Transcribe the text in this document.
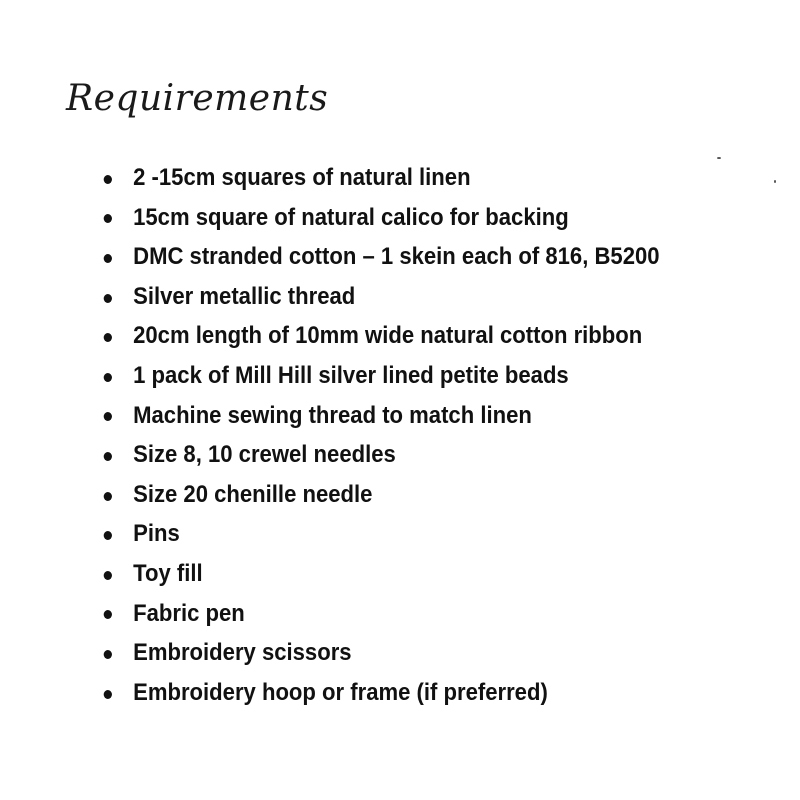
Requirements
2 -15cm squares of natural linen
15cm square of natural calico for backing
DMC stranded cotton – 1 skein each of 816, B5200
Silver metallic thread
20cm length of 10mm wide natural cotton ribbon
1 pack of Mill Hill silver lined petite beads
Machine sewing thread to match linen
Size 8, 10 crewel needles
Size 20 chenille needle
Pins
Toy fill
Fabric pen
Embroidery scissors
Embroidery hoop or frame (if preferred)
